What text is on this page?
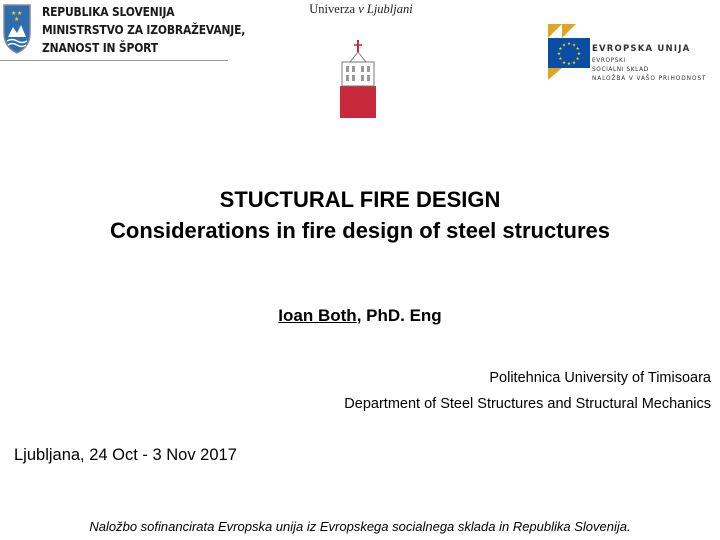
★ ★
★
REPUBLIKA SLOVENIJA
MINISTRSTVO ZA IZOBRAŽEVANJE,
ZNANOST IN ŠPORT
Univerza v Ljubljani
★ ★
★
★
★
★
★
★
★
★
★
★	EVROPSKA UNIJA
EVROPSKI
SOCIALNI SKLAD
NALOŽBA V VAŠO PRIHODNOST
STUCTURAL FIRE DESIGN
Considerations in fire design of steel structures
Ioan Both, PhD. Eng
Politehnica University of Timisoara
Department of Steel Structures and Structural Mechanics
Ljubljana, 24 Oct - 3 Nov 2017
Naložbo sofinancirata Evropska unija iz Evropskega socialnega sklada in Republika Slovenija.
